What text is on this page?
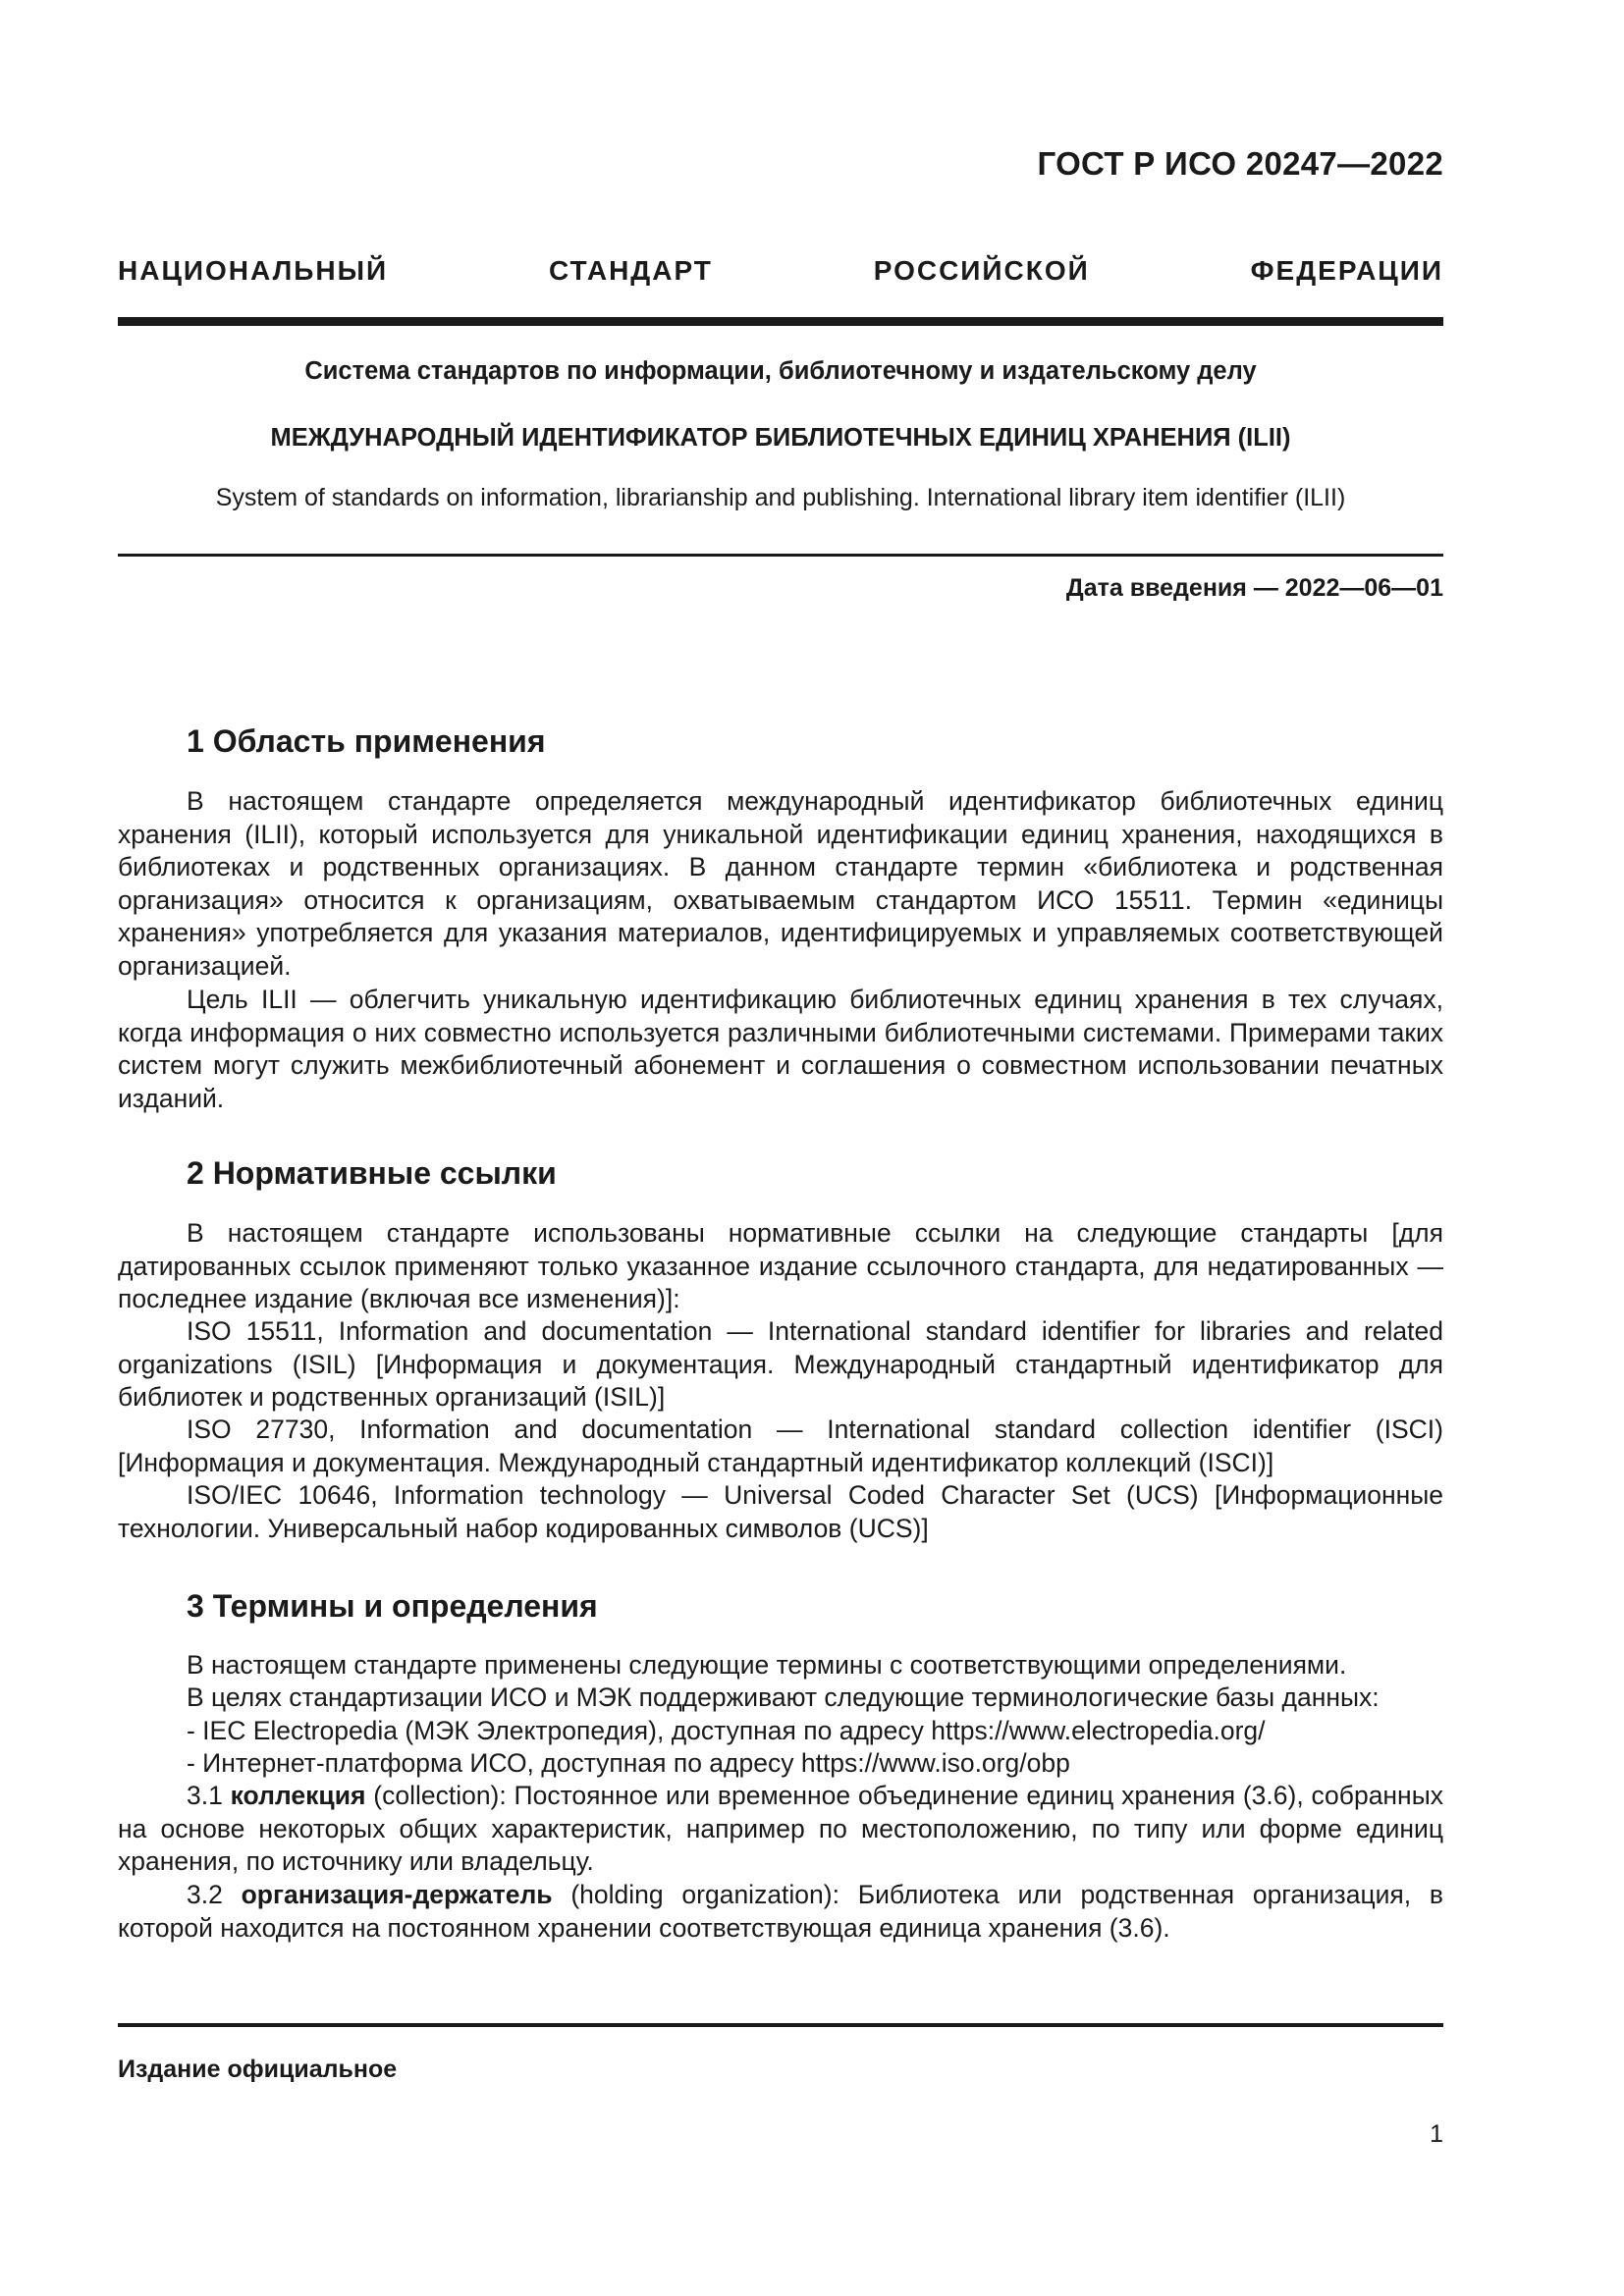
ГОСТ Р ИСО 20247—2022
НАЦИОНАЛЬНЫЙ СТАНДАРТ РОССИЙСКОЙ ФЕДЕРАЦИИ
Система стандартов по информации, библиотечному и издательскому делу
МЕЖДУНАРОДНЫЙ ИДЕНТИФИКАТОР БИБЛИОТЕЧНЫХ ЕДИНИЦ ХРАНЕНИЯ (ILII)
System of standards on information, librarianship and publishing. International library item identifier (ILII)
Дата введения — 2022—06—01
1 Область применения

В настоящем стандарте определяется международный идентификатор библиотечных единиц хранения (ILII), который используется для уникальной идентификации единиц хранения, находящихся в библиотеках и родственных организациях. В данном стандарте термин «библиотека и родственная организация» относится к организациям, охватываемым стандартом ИСО 15511. Термин «единицы хранения» употребляется для указания материалов, идентифицируемых и управляемых соответствующей организацией.

Цель ILII — облегчить уникальную идентификацию библиотечных единиц хранения в тех случаях, когда информация о них совместно используется различными библиотечными системами. Примерами таких систем могут служить межбиблиотечный абонемент и соглашения о совместном использовании печатных изданий.

2 Нормативные ссылки

В настоящем стандарте использованы нормативные ссылки на следующие стандарты [для датированных ссылок применяют только указанное издание ссылочного стандарта, для недатированных — последнее издание (включая все изменения)]:

ISO 15511, Information and documentation — International standard identifier for libraries and related organizations (ISIL) [Информация и документация. Международный стандартный идентификатор для библиотек и родственных организаций (ISIL)]

ISO 27730, Information and documentation — International standard collection identifier (ISCI) [Информация и документация. Международный стандартный идентификатор коллекций (ISCI)]

ISO/IEC 10646, Information technology — Universal Coded Character Set (UCS) [Информационные технологии. Универсальный набор кодированных символов (UCS)]

3 Термины и определения

В настоящем стандарте применены следующие термины с соответствующими определениями.

В целях стандартизации ИСО и МЭК поддерживают следующие терминологические базы данных:

- IEC Electropedia (МЭК Электропедия), доступная по адресу https://www.electropedia.org/

- Интернет-платформа ИСО, доступная по адресу https://www.iso.org/obp

3.1 коллекция (collection): Постоянное или временное объединение единиц хранения (3.6), собранных на основе некоторых общих характеристик, например по местоположению, по типу или форме единиц хранения, по источнику или владельцу.

3.2 организация-держатель (holding organization): Библиотека или родственная организация, в которой находится на постоянном хранении соответствующая единица хранения (3.6).

Издание официальное
1
